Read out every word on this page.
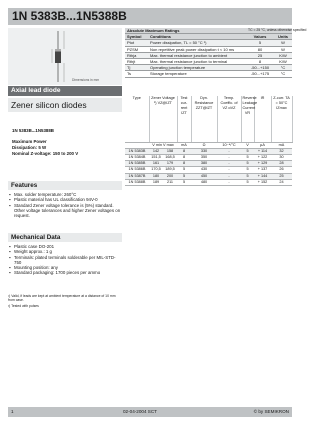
1N 5383B...1N5388B
Dimensions in mm
Axial lead diode
Zener silicon diodes
1N 5383B...1N5388B
Maximum Power
Dissipation: 5 W
Nominal Z-voltage: 150 to 200 V
Absolute Maximum Ratings		TC = 25 °C, unless otherwise specified	
Symbol	Conditions	Values	Units
Ptot	Power dissipation, TL = 50 °C ¹)	5	W
PZSM	Non repetitive peak power dissipation t < 10 ms	80	W
Rthja	Max. thermal resistance junction to ambient	25	K/W
Rthjt	Max. thermal resistance junction to terminal	8	K/W
Tj	Operating junction temperature	-50...+150	°C
Ts	Storage temperature	-50...+175	°C
Type	Zener Voltage ²) VZ@IZT		Test cur-rent IZT	Dyn. Resistance ZZT@IZT	Temp. Coeffic. of VZ αVZ	Reverse Leakage Current VR	IR	Z-curr. TA = 50°C IZmax
	V min V max		mA	Ω	10⁻⁴/°C	V	µA	mA
1N 5383B	142	158	8	330	-	5	+ 114	32
1N 5384B	151,5	168,5	8	350	-	5	+ 122	30
1N 5385B	161	179	8	380	-	5	+ 129	28
1N 5386B	170,5	189,5	5	430	-	5	+ 137	26
1N 5387B	180	200	5	450	-	5	+ 144	25
1N 5388B	189	211	5	480	-	5	+ 152	24
Features
▪ Max. solder temperature: 260°C
▪ Plastic material has UL classification 94V-0
▪ Standard Zener voltage tolerance is (5%) standard. Other voltage tolerances and higher Zener voltages on request.
Mechanical Data
▪ Plastic case DO-201
▪ Weight approx.: 1 g
▪ Terminals: plated terminals solderable per MIL-STD-750
▪ Mounting position: any
▪ Standard packaging: 1700 pieces per ammo
¹) Valid, if leads are kept at ambient temperature at a distance of 10 mm from case.
²) Tested with pulses
1	02-04-2004 SCT	© by SEMIKRON
